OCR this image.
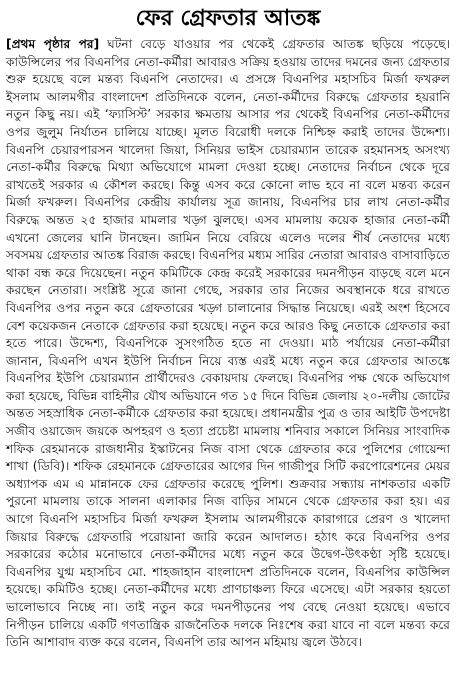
ফের গ্রেফতার আতঙ্ক

[প্রথম পৃষ্ঠার পর] ঘটনা বেড়ে যাওয়ার পর থেকেই গ্রেফতার আতঙ্ক ছড়িয়ে পড়েছে। কাউন্সিলের পর বিএনপির নেতা-কর্মীরা আবারও সক্রিয় হওয়ায় তাদের দমনের জন্য গ্রেফতার শুরু হয়েছে বলে মন্তব্য বিএনপি নেতাদের। এ প্রসঙ্গে বিএনপির মহাসচিব মির্জা ফখরুল ইসলাম আলমগীর বাংলাদেশ প্রতিদিনকে বলেন, নেতা-কর্মীদের বিরুদ্ধে গ্রেফতার হয়রানি নতুন কিছু নয়। এই ‘ফ্যাসিস্ট’ সরকার ক্ষমতায় আসার পর থেকেই বিএনপির নেতা-কর্মীদের ওপর জুলুম নির্যাতন চালিয়ে যাচ্ছে। মূলত বিরোধী দলকে নিশ্চিহ্ন করাই তাদের উদ্দেশ্য। বিএনপি চেয়ারপারসন খালেদা জিয়া, সিনিয়র ভাইস চেয়ারম্যান তারেক রহমানসহ অসংখ্য নেতা-কর্মীর বিরুদ্ধে মিথ্যা অভিযোগে মামলা দেওয়া হচ্ছে। নেতাদের নির্বাচন থেকে দূরে রাখতেই সরকার এ কৌশল করছে। কিন্তু এসব করে কোনো লাভ হবে না বলে মন্তব্য করেন মির্জা ফখরুল। বিএনপির কেন্দ্রীয় কার্যালয় সূত্র জানায়, বিএনপির চার লাখ নেতা-কর্মীর বিরুদ্ধে অন্তত ২৫ হাজার মামলার খড়্গ ঝুলছে। এসব মামলায় কয়েক হাজার নেতা-কর্মী এখনো জেলের ঘানি টানছেন। জামিন নিয়ে বেরিয়ে এলেও দলের শীর্ষ নেতাদের মধ্যে সবসময় গ্রেফতার আতঙ্ক বিরাজ করছে। বিএনপির মধ্যম সারির নেতারা আবারও বাসাবাড়িতে থাকা বন্ধ করে দিয়েছেন। নতুন কমিটিকে কেন্দ্র করেই সরকারের দমনপীড়ন বাড়ছে বলে মনে করছেন নেতারা। সংশ্লিষ্ট সূত্রে জানা গেছে, সরকার তার নিজের অবস্থানকে ধরে রাখতে বিএনপির ওপর নতুন করে গ্রেফতারের খড়্গ চালানোর সিদ্ধান্ত নিয়েছে। এরই অংশ হিসেবে বেশ কয়েকজন নেতাকে গ্রেফতার করা হয়েছে। নতুন করে আরও কিছু নেতাকে গ্রেফতার করা হতে পারে। উদ্দেশ্য, বিএনপিকে সুসংগঠিত হতে না দেওয়া। মাঠ পর্যায়ের নেতা-কর্মীরা জানান, বিএনপি এখন ইউপি নির্বাচন নিয়ে ব্যস্ত এরই মধ্যে নতুন করে গ্রেফতার আতঙ্কে বিএনপির ইউপি চেয়ারম্যান প্রার্থীদেরও বেকায়দায় ফেলছে। বিএনপির পক্ষ থেকে অভিযোগ করা হয়েছে, বিভিন্ন বাহিনীর যৌথ অভিযানে গত ১৫ দিনে বিভিন্ন জেলায় ২০-দলীয় জোটের অন্তত সহস্রাধিক নেতা-কর্মীকে গ্রেফতার করা হয়েছে। প্রধানমন্ত্রীর পুত্র ও তার আইটি উপদেষ্টা সজীব ওয়াজেদ জয়কে অপহরণ ও হত্যা প্রচেষ্টা মামলায় শনিবার সকালে সিনিয়র সাংবাদিক শফিক রেহমানকে রাজধানীর ইস্কাটনের নিজ বাসা থেকে গ্রেফতার করে পুলিশের গোয়েন্দা শাখা (ডিবি)। শফিক রেহমানকে গ্রেফতারের আগের দিন গাজীপুর সিটি করপোরেশনের মেয়র অধ্যাপক এম এ মান্নানকে ফের গ্রেফতার করেছে পুলিশ। শুক্রবার সন্ধ্যায় নাশকতার একটি পুরনো মামলায় তাকে সালনা এলাকার নিজ বাড়ির সামনে থেকে গ্রেফতার করা হয়। এর আগে বিএনপি মহাসচিব মির্জা ফখরুল ইসলাম আলমগীরকে কারাগারে প্রেরণ ও খালেদা জিয়ার বিরুদ্ধে গ্রেফতারি পরোয়ানা জারি করেন আদালত। হঠাৎ করে বিএনপির ওপর সরকারের কঠোর মনোভাবে নেতা-কর্মীদের মধ্যে নতুন করে উদ্বেগ-উৎকণ্ঠা সৃষ্টি হয়েছে। বিএনপির যুগ্ম মহাসচিব মো. শাহজাহান বাংলাদেশ প্রতিদিনকে বলেন, বিএনপির কাউন্সিল হয়েছে। কমিটিও হচ্ছে। নেতা-কর্মীদের মধ্যে প্রাণচাঞ্চল্য ফিরে এসেছে। এটা সরকার হয়তো ভালোভাবে নিচ্ছে না। তাই নতুন করে দমনপীড়নের পথ বেছে নেওয়া হয়েছে। এভাবে নিপীড়ন চালিয়ে একটি গণতান্ত্রিক রাজনৈতিক দলকে নিঃশেষ করা যাবে না বলে মন্তব্য করে তিনি আশাবাদ ব্যক্ত করে বলেন, বিএনপি তার আপন মহিমায় জ্বলে উঠবে।
